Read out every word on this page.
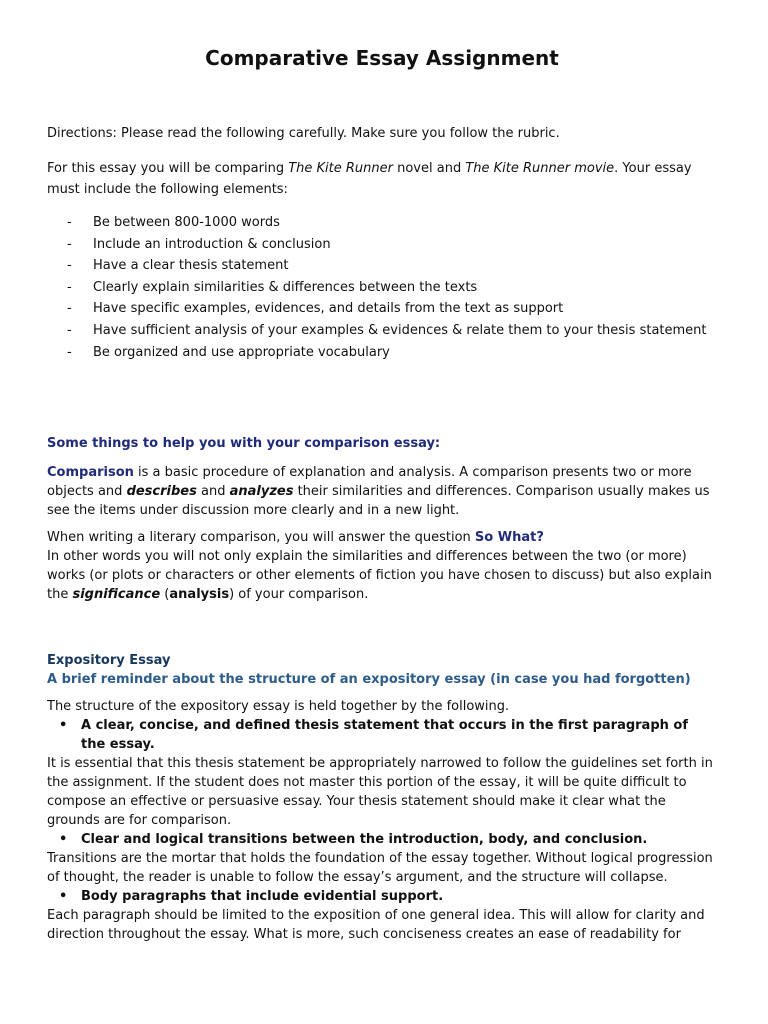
Comparative Essay Assignment

Directions: Please read the following carefully. Make sure you follow the rubric.

For this essay you will be comparing The Kite Runner novel and The Kite Runner movie. Your essay must include the following elements:

- Be between 800-1000 words
- Include an introduction & conclusion
- Have a clear thesis statement
- Clearly explain similarities & differences between the texts
- Have specific examples, evidences, and details from the text as support
- Have sufficient analysis of your examples & evidences & relate them to your thesis statement
- Be organized and use appropriate vocabulary

Some things to help you with your comparison essay:

Comparison is a basic procedure of explanation and analysis. A comparison presents two or more objects and describes and analyzes their similarities and differences. Comparison usually makes us see the items under discussion more clearly and in a new light.

When writing a literary comparison, you will answer the question So What?
In other words you will not only explain the similarities and differences between the two (or more) works (or plots or characters or other elements of fiction you have chosen to discuss) but also explain the significance (analysis) of your comparison.

Expository Essay

A brief reminder about the structure of an expository essay (in case you had forgotten)

The structure of the expository essay is held together by the following.

• A clear, concise, and defined thesis statement that occurs in the first paragraph of the essay.
It is essential that this thesis statement be appropriately narrowed to follow the guidelines set forth in the assignment. If the student does not master this portion of the essay, it will be quite difficult to compose an effective or persuasive essay. Your thesis statement should make it clear what the grounds are for comparison.
• Clear and logical transitions between the introduction, body, and conclusion.
Transitions are the mortar that holds the foundation of the essay together. Without logical progression of thought, the reader is unable to follow the essay’s argument, and the structure will collapse.
• Body paragraphs that include evidential support.
Each paragraph should be limited to the exposition of one general idea. This will allow for clarity and direction throughout the essay. What is more, such conciseness creates an ease of readability for
